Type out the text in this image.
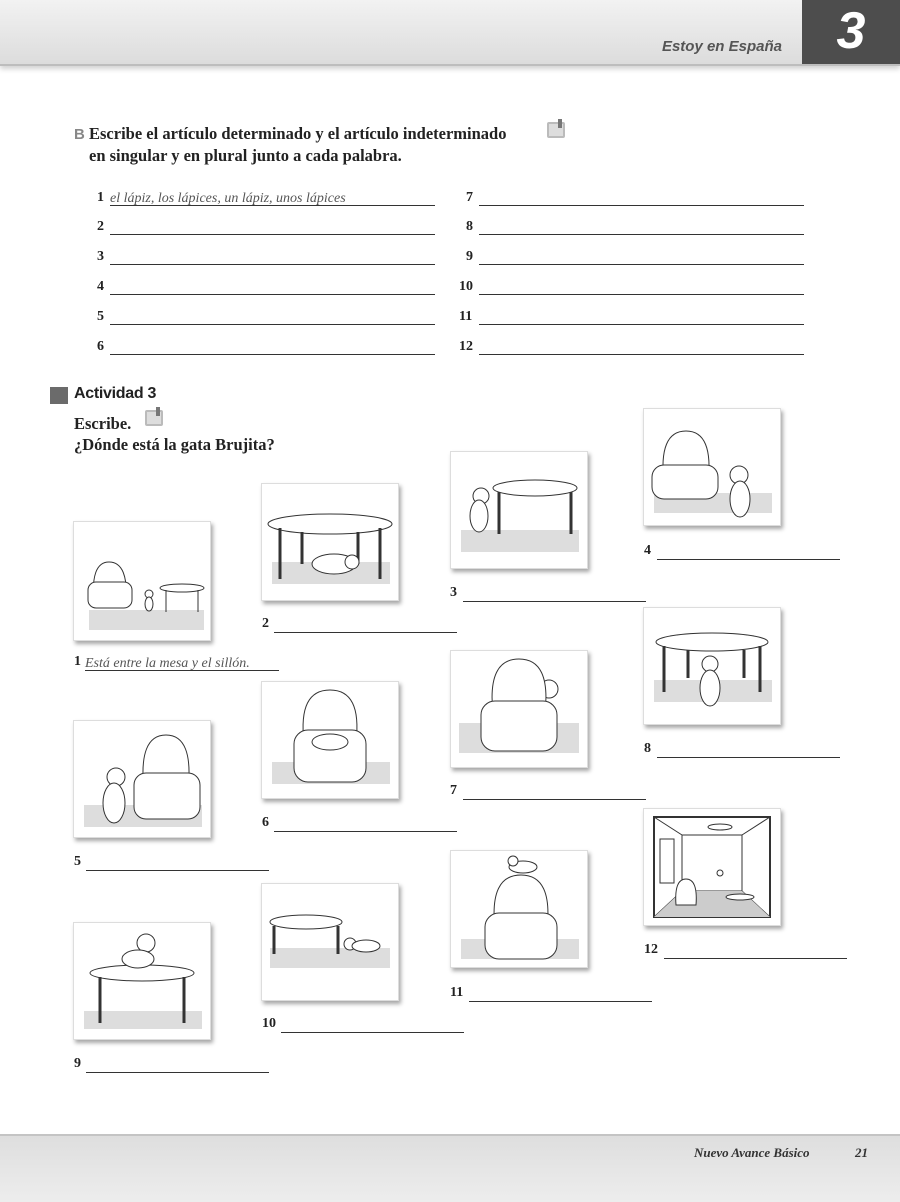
Estoy en España	3
B Escribe el artículo determinado y el artículo indeterminado
en singular y en plural junto a cada palabra.
1 el lápiz, los lápices, un lápiz, unos lápices
2
3
4
5
6
7
8
9
10
11
12
Actividad 3
Escribe.
¿Dónde está la gata Brujita?
1 Está entre la mesa y el sillón.
2
3
4
5
6
7
8
9
10
11
12
Nuevo Avance Básico	21
